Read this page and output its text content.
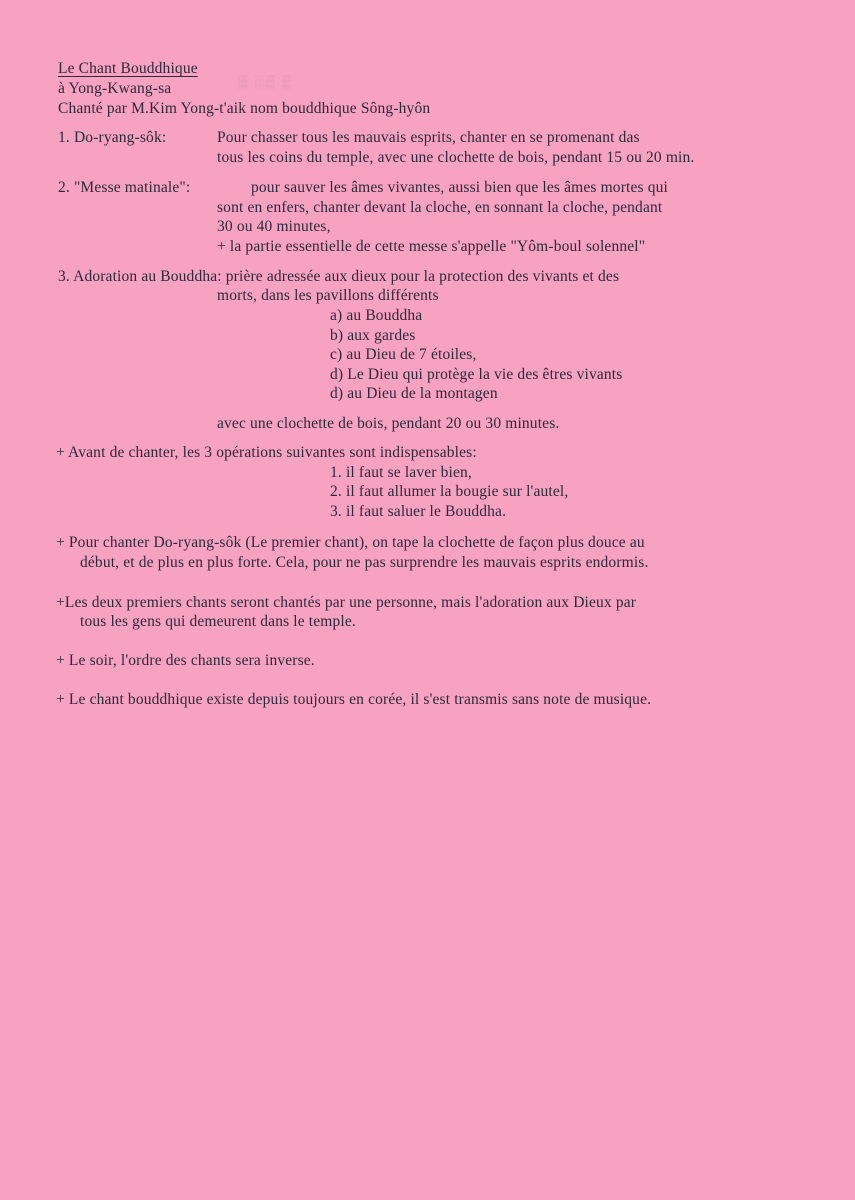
▒ ░▒ ▒
Le Chant Bouddhique
à Yong-Kwang-sa
Chanté par M.Kim Yong-t'aik nom bouddhique Sông-hyôn
1. Do-ryang-sôk:	Pour chasser tous les mauvais esprits, chanter en se promenant das
tous les coins du temple, avec une clochette de bois, pendant 15 ou 20 min.
2. "Messe matinale":	pour sauver les âmes vivantes, aussi bien que les âmes mortes qui
sont en enfers, chanter devant la cloche, en sonnant la cloche, pendant
30 ou 40 minutes,
+ la partie essentielle de cette messe s'appelle "Yôm-boul solennel"
3. Adoration au Bouddha: prière adressée aux dieux pour la protection des vivants et des
morts, dans les pavillons différents
a) au Bouddha
b) aux gardes
c) au Dieu de 7 étoiles,
d) Le Dieu qui protège la vie des êtres vivants
d) au Dieu de la montagen
avec une clochette de bois, pendant 20 ou 30 minutes.
+ Avant de chanter, les 3 opérations suivantes sont indispensables:
1. il faut se laver bien,
2. il faut allumer la bougie sur l'autel,
3. il faut saluer le Bouddha.
+ Pour chanter Do-ryang-sôk (Le premier chant), on tape la clochette de façon plus douce au
début, et de plus en plus forte. Cela, pour ne pas surprendre les mauvais esprits endormis.
+Les deux premiers chants seront chantés par une personne, mais l'adoration aux Dieux par
tous les gens qui demeurent dans le temple.
+ Le soir, l'ordre des chants sera inverse.
+ Le chant bouddhique existe depuis toujours en corée, il s'est transmis sans note de musique.
